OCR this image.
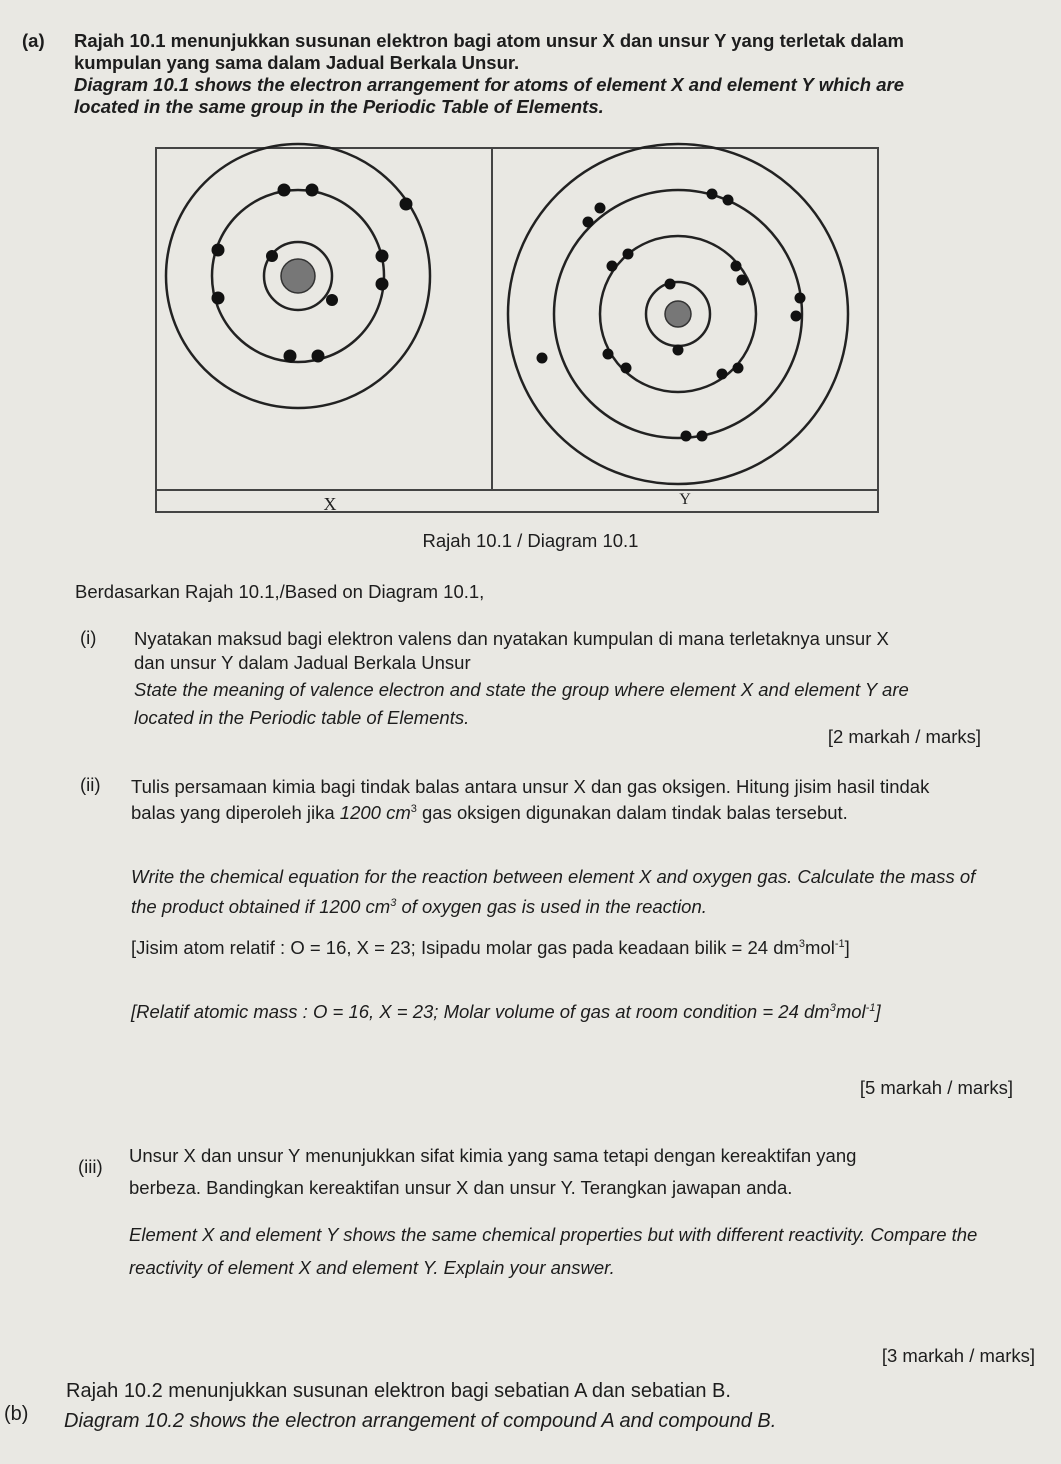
(a) Rajah 10.1 menunjukkan susunan elektron bagi atom unsur X dan unsur Y yang terletak dalam kumpulan yang sama dalam Jadual Berkala Unsur.
Diagram 10.1 shows the electron arrangement for atoms of element X and element Y which are located in the same group in the Periodic Table of Elements.
X	Y
Rajah 10.1 / Diagram 10.1
Berdasarkan Rajah 10.1,/Based on Diagram 10.1,
(i) Nyatakan maksud bagi elektron valens dan nyatakan kumpulan di mana terletaknya unsur X dan unsur Y dalam Jadual Berkala Unsur
State the meaning of valence electron and state the group where element X and element Y are located in the Periodic table of Elements.
[2 markah / marks]
(ii) Tulis persamaan kimia bagi tindak balas antara unsur X dan gas oksigen. Hitung jisim hasil tindak balas yang diperoleh jika 1200 $cm^3$ gas oksigen digunakan dalam tindak balas tersebut.
Write the chemical equation for the reaction between element X and oxygen gas. Calculate the mass of the product obtained if 1200 $cm^3$ of oxygen gas is used in the reaction.
[Jisim atom relatif : O = 16, X = 23; Isipadu molar gas pada keadaan bilik = 24 $dm^3mol^{-1}$]
[Relatif atomic mass : O = 16, X = 23; Molar volume of gas at room condition = 24 $dm^3mol^{-1}$]
[5 markah / marks]
(iii)
Unsur X dan unsur Y menunjukkan sifat kimia yang sama tetapi dengan kereaktifan yang berbeza. Bandingkan kereaktifan unsur X dan unsur Y. Terangkan jawapan anda.
Element X and element Y shows the same chemical properties but with different reactivity. Compare the reactivity of element X and element Y. Explain your answer.
[3 markah / marks]
(b)
Rajah 10.2 menunjukkan susunan elektron bagi sebatian A dan sebatian B.
Diagram 10.2 shows the electron arrangement of compound A and compound B.
